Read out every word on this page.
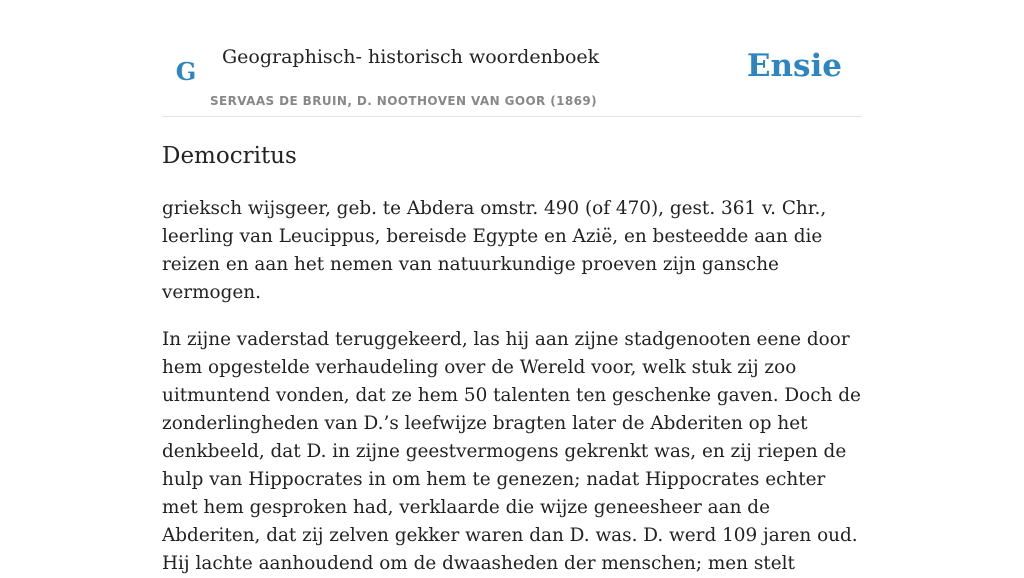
G Geographisch- historisch woordenboek
SERVAAS DE BRUIN, D. NOOTHOVEN VAN GOOR (1869)
Ensie
Democritus

grieksch wijsgeer, geb. te Abdera omstr. 490 (of 470), gest. 361 v. Chr., leerling van Leucippus, bereisde Egypte en Azië, en besteedde aan die reizen en aan het nemen van natuurkundige proeven zijn gansche vermogen.

In zijne vaderstad teruggekeerd, las hij aan zijne stadgenooten eene door hem opgestelde verhaudeling over de Wereld voor, welk stuk zij zoo uitmuntend vonden, dat ze hem 50 talenten ten geschenke gaven. Doch de zonderlingheden van D.’s leefwijze bragten later de Abderiten op het denkbeeld, dat D. in zijne geestvermogens gekrenkt was, en zij riepen de hulp van Hippocrates in om hem te genezen; nadat Hippocrates echter met hem gesproken had, verklaarde die wijze geneesheer aan de Abderiten, dat zij zelven gekker waren dan D. was. D. werd 109 jaren oud. Hij lachte aanhoudend om de dwaasheden der menschen; men stelt
